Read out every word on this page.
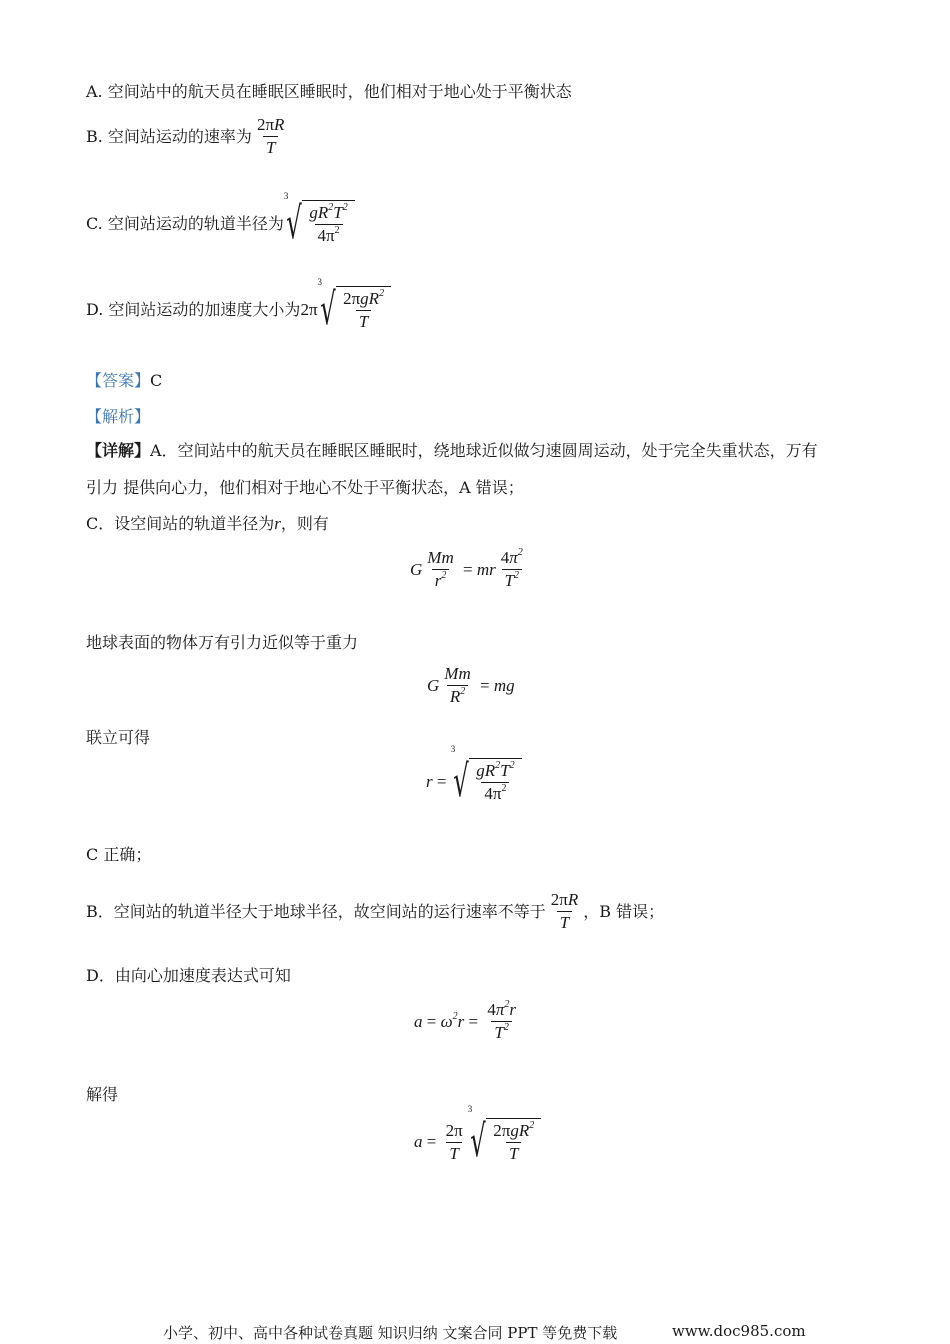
A. 空间站中的航天员在睡眠区睡眠时，他们相对于地心处于平衡状态
B. 空间站运动的速率为 $\frac{2\pi R}{T}$
C. 空间站运动的轨道半径为
3
√ $\frac{gR^2T^2}{4\pi^2}$
D. 空间站运动的加速度大小为 2π
3
√ $\frac{2\pi gR^2}{T}$
【答案】C
【解析】
【详解】A．空间站中的航天员在睡眠区睡眠时，绕地球近似做匀速圆周运动，处于完全失重状态，万有
引力 提供向心力，他们相对于地心不处于平衡状态，A 错误；
C．设空间站的轨道半径为r，则有
G $\frac{Mm}{r^2}$ = mr $\frac{4\pi^2}{T^2}$
地球表面的物体万有引力近似等于重力
G $\frac{Mm}{R^2}$ = mg
联立可得
r =
3
√ $\frac{gR^2T^2}{4\pi^2}$
C 正确；
B．空间站的轨道半径大于地球半径，故空间站的运行速率不等于 $\frac{2\pi R}{T}$ ，B 错误；
D．由向心加速度表达式可知
$a = \omega^2r = \frac{4\pi^2r}{T^2}$
解得
$a = \frac{2\pi}{T}$
3
√ $\frac{2\pi gR^2}{T}$
小学、初中、高中各种试卷真题 知识归纳 文案合同 PPT 等免费下载	www.doc985.com
